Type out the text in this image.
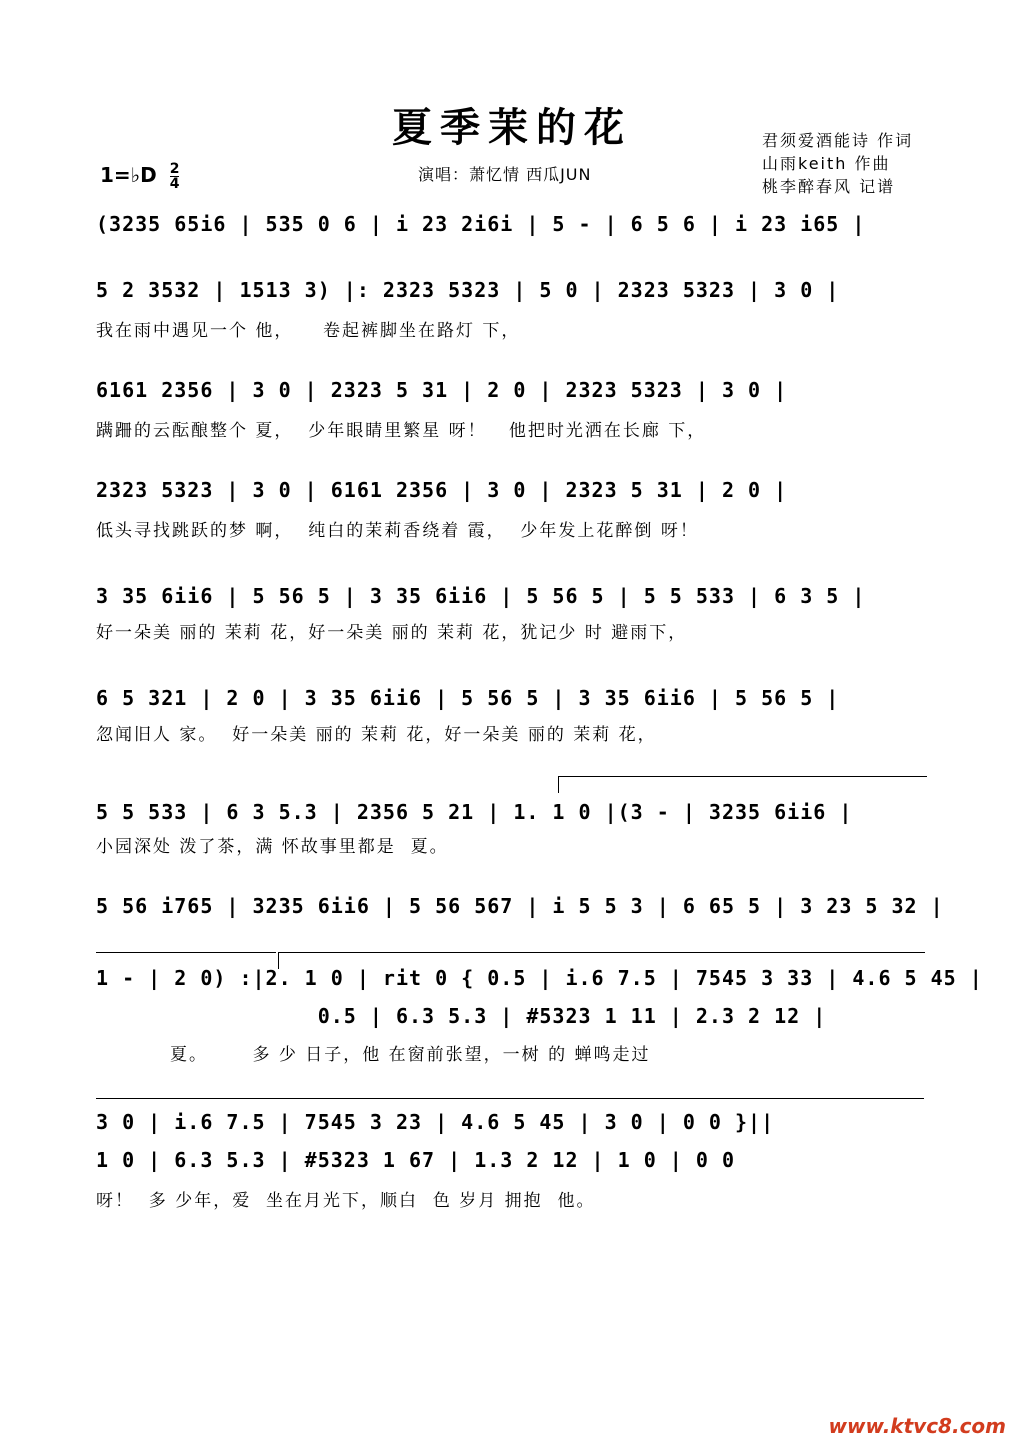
夏季茉的花	君须爱酒能诗 作词
山雨keith 作曲
桃李醉春风 记谱
1=♭D $\frac{2}{4}$	演唱：萧忆情 西瓜JUN
(3235 65i6 | 535 0 6 | i 23 2i6i | 5 - | 6 5 6 | i 23 i65 |
5 2 3532 | 1513 3) |: 2323 5323 | 5 0 | 2323 5323 | 3 0 |
我在雨中遇见一个 他，    卷起裤脚坐在路灯 下，
6161 2356 | 3 0 | 2323 5 31 | 2 0 | 2323 5323 | 3 0 |
蹒跚的云酝酿整个 夏，  少年眼睛里繁星 呀！   他把时光洒在长廊 下，
2323 5323 | 3 0 | 6161 2356 | 3 0 | 2323 5 31 | 2 0 |
低头寻找跳跃的梦 啊，  纯白的茉莉香绕着 霞，  少年发上花醉倒 呀！
3 35 6ii6 | 5 56 5 | 3 35 6ii6 | 5 56 5 | 5 5 533 | 6 3 5 |
好一朵美 丽的 茉莉 花，好一朵美 丽的 茉莉 花，犹记少 时 避雨下，
6 5 321 | 2 0 | 3 35 6ii6 | 5 56 5 | 3 35 6ii6 | 5 56 5 |
忽闻旧人 家。  好一朵美 丽的 茉莉 花，好一朵美 丽的 茉莉 花，
5 5 533 | 6 3 5.3 | 2356 5 21 | 1. 1 0 |(3 - | 3235 6ii6 |
小园深处 泼了茶，满 怀故事里都是  夏。
5 56 i765 | 3235 6ii6 | 5 56 567 | i 5 5 3 | 6 65 5 | 3 23 5 32 |
1 - | 2 0) :|2. 1 0 | rit 0 { 0.5 | i.6 7.5 | 7545 3 33 | 4.6 5 45 |
0.5 | 6.3 5.3 | #5323 1 11 | 2.3 2 12 |
夏。      多 少 日子，他 在窗前张望，一树 的 蝉鸣走过
3 0 | i.6 7.5 | 7545 3 23 | 4.6 5 45 | 3 0 | 0 0 }||
1 0 | 6.3 5.3 | #5323 1 67 | 1.3 2 12 | 1 0 | 0 0
呀！  多 少年，爱  坐在月光下，顺白  色 岁月 拥抱  他。
www.ktvc8.com
